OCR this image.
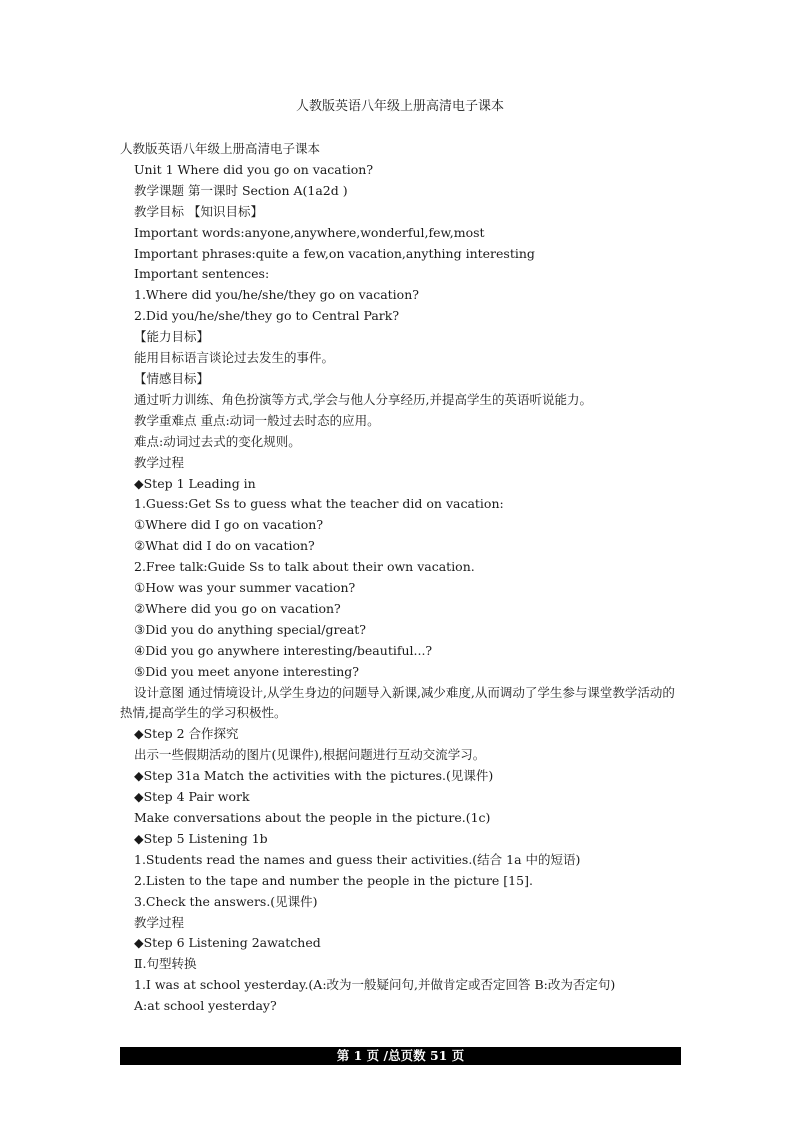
人教版英语八年级上册高清电子课本
人教版英语八年级上册高清电子课本
Unit 1 Where did you go on vacation?
教学课题 第一课时 Section A(1a2d )
教学目标 【知识目标】
Important words:anyone,anywhere,wonderful,few,most
Important phrases:quite a few,on vacation,anything interesting
Important sentences:
1.Where did you/he/she/they go on vacation?
2.Did you/he/she/they go to Central Park?
【能力目标】
能用目标语言谈论过去发生的事件。
【情感目标】
通过听力训练、角色扮演等方式,学会与他人分享经历,并提高学生的英语听说能力。
教学重难点 重点:动词一般过去时态的应用。
难点:动词过去式的变化规则。
教学过程
◆Step 1 Leading in
1.Guess:Get Ss to guess what the teacher did on vacation:
①Where did I go on vacation?
②What did I do on vacation?
2.Free talk:Guide Ss to talk about their own vacation.
①How was your summer vacation?
②Where did you go on vacation?
③Did you do anything special/great?
④Did you go anywhere interesting/beautiful...?
⑤Did you meet anyone interesting?
设计意图 通过情境设计,从学生身边的问题导入新课,减少难度,从而调动了学生参与课堂教学活动的热情,提高学生的学习积极性。
◆Step 2 合作探究
出示一些假期活动的图片(见课件),根据问题进行互动交流学习。
◆Step 31a Match the activities with the pictures.(见课件)
◆Step 4 Pair work
Make conversations about the people in the picture.(1c)
◆Step 5 Listening 1b
1.Students read the names and guess their activities.(结合 1a 中的短语)
2.Listen to the tape and number the people in the picture [15].
3.Check the answers.(见课件)
教学过程
◆Step 6 Listening 2awatched
Ⅱ.句型转换
1.I was at school yesterday.(A:改为一般疑问句,并做肯定或否定回答 B:改为否定句)
A:at school yesterday?
第 1 页 /总页数 51 页
